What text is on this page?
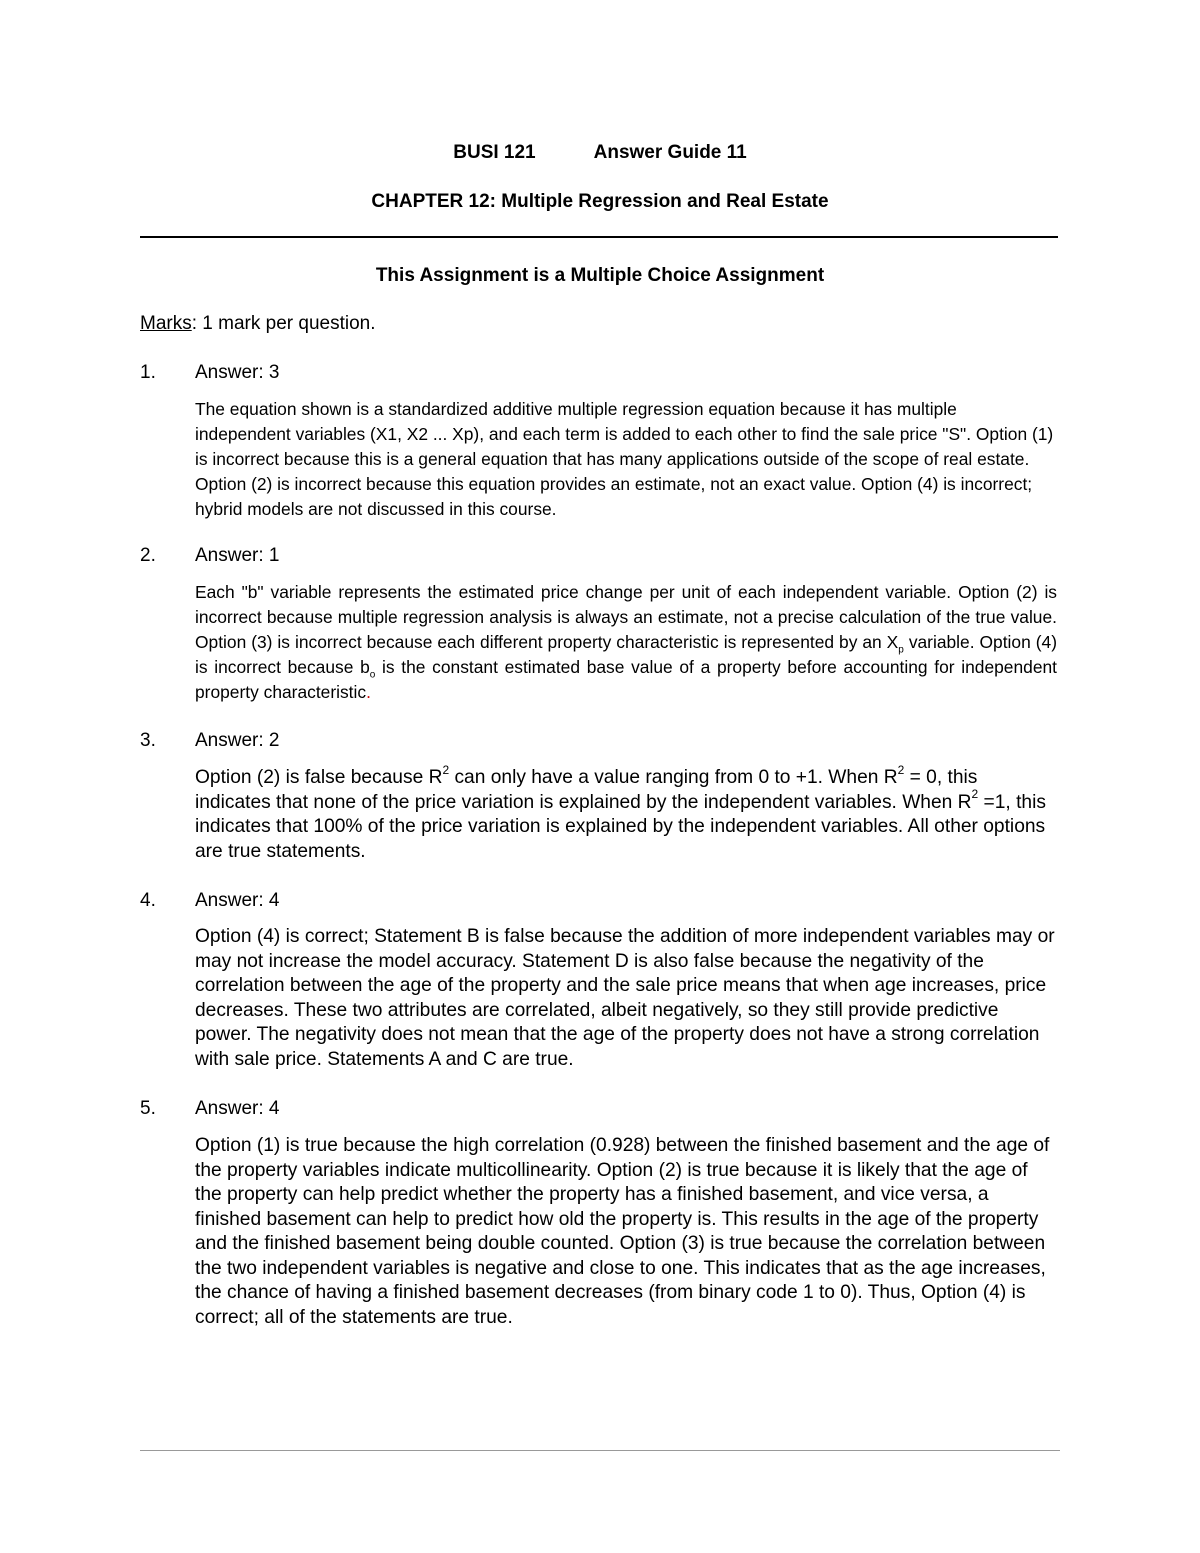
BUSI 121	Answer Guide 11
CHAPTER 12: Multiple Regression and Real Estate
This Assignment is a Multiple Choice Assignment
Marks: 1 mark per question.
1. Answer: 3
The equation shown is a standardized additive multiple regression equation because it has multiple independent variables (X1, X2 ... Xp), and each term is added to each other to find the sale price "S". Option (1) is incorrect because this is a general equation that has many applications outside of the scope of real estate. Option (2) is incorrect because this equation provides an estimate, not an exact value. Option (4) is incorrect; hybrid models are not discussed in this course.
2. Answer: 1
Each "b" variable represents the estimated price change per unit of each independent variable. Option (2) is incorrect because multiple regression analysis is always an estimate, not a precise calculation of the true value. Option (3) is incorrect because each different property characteristic is represented by an $X_p$ variable. Option (4) is incorrect because $b_o$ is the constant estimated base value of a property before accounting for independent property characteristic.
3. Answer: 2
Option (2) is false because $R^2$ can only have a value ranging from 0 to +1. When $R^2 = 0$, this indicates that none of the price variation is explained by the independent variables. When $R^2 =1$, this indicates that 100% of the price variation is explained by the independent variables. All other options are true statements.
4. Answer: 4
Option (4) is correct; Statement B is false because the addition of more independent variables may or may not increase the model accuracy. Statement D is also false because the negativity of the correlation between the age of the property and the sale price means that when age increases, price decreases. These two attributes are correlated, albeit negatively, so they still provide predictive power. The negativity does not mean that the age of the property does not have a strong correlation with sale price. Statements A and C are true.
5. Answer: 4
Option (1) is true because the high correlation (0.928) between the finished basement and the age of the property variables indicate multicollinearity. Option (2) is true because it is likely that the age of the property can help predict whether the property has a finished basement, and vice versa, a finished basement can help to predict how old the property is. This results in the age of the property and the finished basement being double counted. Option (3) is true because the correlation between the two independent variables is negative and close to one. This indicates that as the age increases, the chance of having a finished basement decreases (from binary code 1 to 0). Thus, Option (4) is correct; all of the statements are true.
